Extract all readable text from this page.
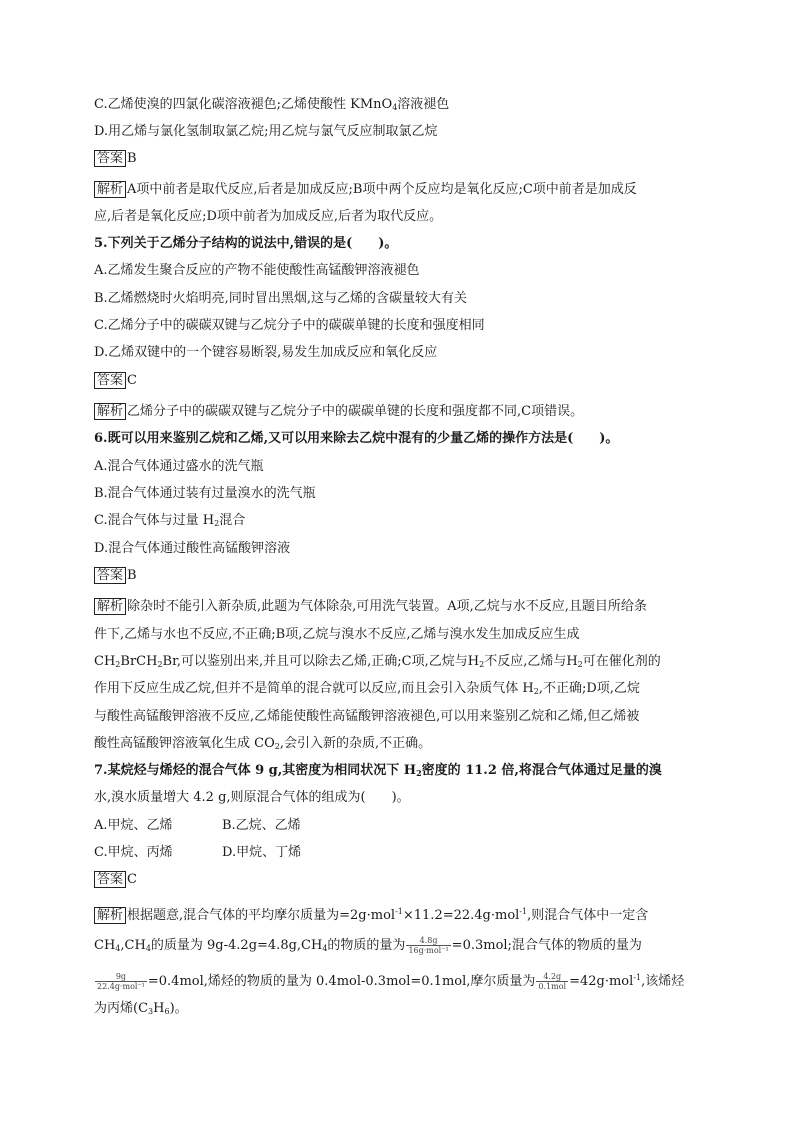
C.乙烯使溴的四氯化碳溶液褪色;乙烯使酸性 KMnO$_4$溶液褪色
D.用乙烯与氯化氢制取氯乙烷;用乙烷与氯气反应制取氯乙烷
答案 B
解析 A项中前者是取代反应,后者是加成反应;B项中两个反应均是氧化反应;C项中前者是加成反
应,后者是氧化反应;D项中前者为加成反应,后者为取代反应。
5.下列关于乙烯分子结构的说法中,错误的是(　　)。
A.乙烯发生聚合反应的产物不能使酸性高锰酸钾溶液褪色
B.乙烯燃烧时火焰明亮,同时冒出黑烟,这与乙烯的含碳量较大有关
C.乙烯分子中的碳碳双键与乙烷分子中的碳碳单键的长度和强度相同
D.乙烯双键中的一个键容易断裂,易发生加成反应和氧化反应
答案 C
解析 乙烯分子中的碳碳双键与乙烷分子中的碳碳单键的长度和强度都不同,C项错误。
6.既可以用来鉴别乙烷和乙烯,又可以用来除去乙烷中混有的少量乙烯的操作方法是(　　)。
A.混合气体通过盛水的洗气瓶
B.混合气体通过装有过量溴水的洗气瓶
C.混合气体与过量 $H_2$混合
D.混合气体通过酸性高锰酸钾溶液
答案 B
解析 除杂时不能引入新杂质,此题为气体除杂,可用洗气装置。A项,乙烷与水不反应,且题目所给条
件下,乙烯与水也不反应,不正确;B项,乙烷与溴水不反应,乙烯与溴水发生加成反应生成
$CH_2BrCH_2Br$,可以鉴别出来,并且可以除去乙烯,正确;C项,乙烷与$H_2$不反应,乙烯与$H_2$可在催化剂的
作用下反应生成乙烷,但并不是简单的混合就可以反应,而且会引入杂质气体 $H_2$,不正确;D项,乙烷
与酸性高锰酸钾溶液不反应,乙烯能使酸性高锰酸钾溶液褪色,可以用来鉴别乙烷和乙烯,但乙烯被
酸性高锰酸钾溶液氧化生成 $CO_2$,会引入新的杂质,不正确。
7.某烷烃与烯烃的混合气体 9 g,其密度为相同状况下 $H_2$密度的 11.2 倍,将混合气体通过足量的溴
水,溴水质量增大 4.2 g,则原混合气体的组成为(　　)。
A.甲烷、乙烯	B.乙烷、乙烯
C.甲烷、丙烯	D.甲烷、丁烯
答案 C
解析 根据题意,混合气体的平均摩尔质量为=2g·mol$^{-1}$×11.2=22.4g·mol$^{-1}$,则混合气体中一定含
$CH_4,CH_4$的质量为 $9g-4.2g=4.8g,CH_4$的物质的量为 $\frac{4.8g}{\text{16g·mol⁻¹}} =0.3mol$;混合气体的物质的量为
$\frac{9g}{\text{22.4g·mol⁻¹}} =0.4mol$,烯烃的物质的量为 0.4mol-0.3mol=0.1mol,摩尔质量为 $\frac{4.2g}{\text{0.1mol}} =42g\cdot mol^{-1}$,该烯烃
为丙烯$(C_3H_6)$。
